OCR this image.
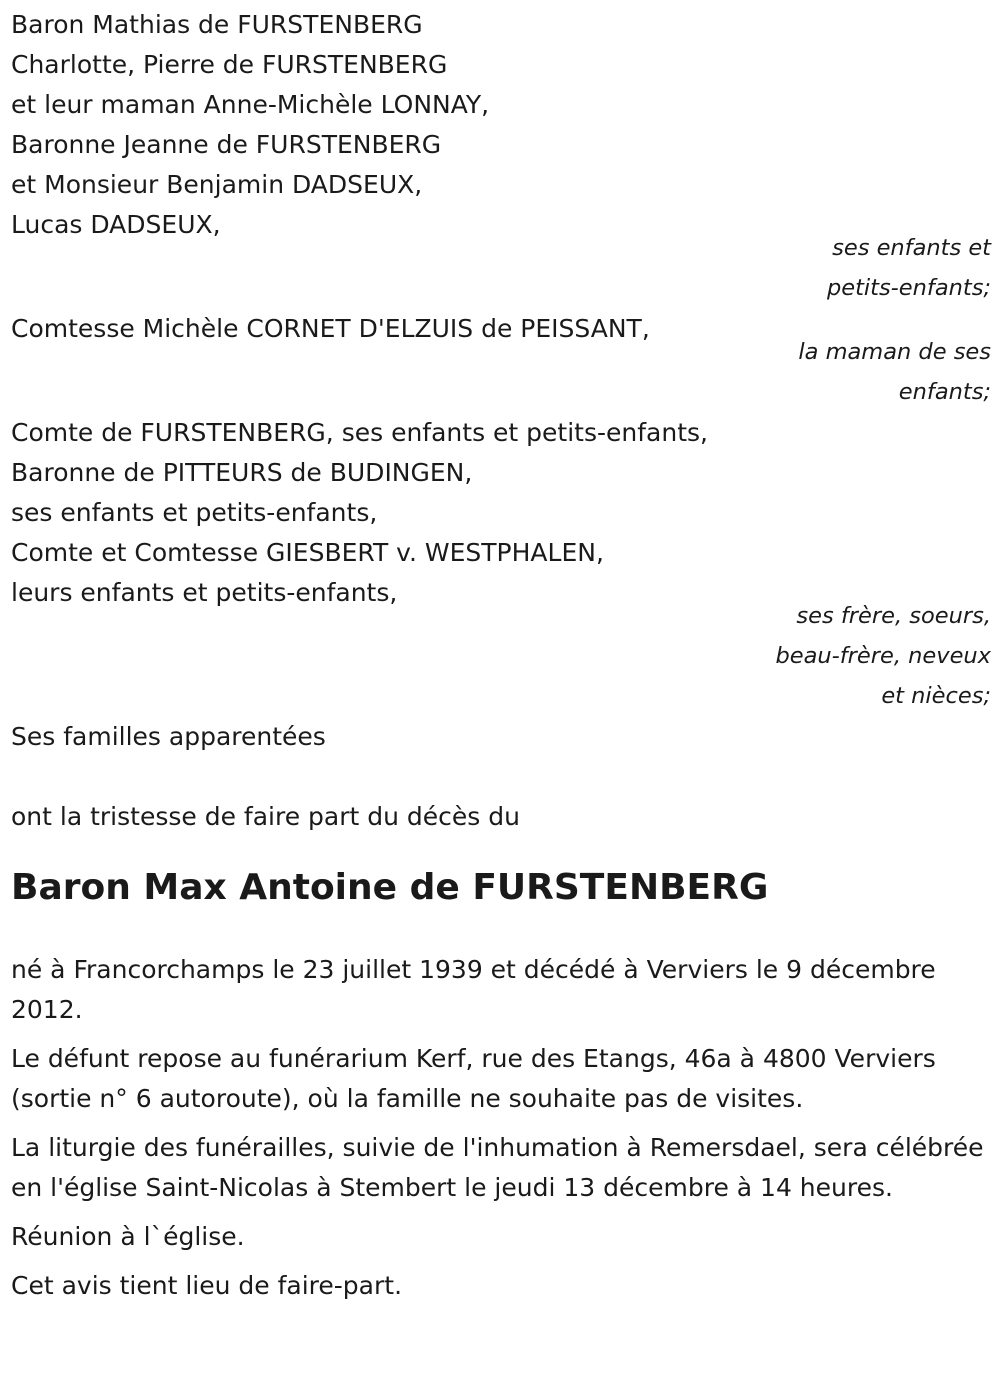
Baron Mathias de FURSTENBERG
Charlotte, Pierre de FURSTENBERG
et leur maman Anne-Michèle LONNAY,
Baronne Jeanne de FURSTENBERG
et Monsieur Benjamin DADSEUX,
Lucas DADSEUX,
ses enfants et
petits-enfants;
Comtesse Michèle CORNET D'ELZUIS de PEISSANT,
la maman de ses
enfants;
Comte de FURSTENBERG, ses enfants et petits-enfants,
Baronne de PITTEURS de BUDINGEN,
ses enfants et petits-enfants,
Comte et Comtesse GIESBERT v. WESTPHALEN,
leurs enfants et petits-enfants,
ses frère, soeurs,
beau-frère, neveux
et nièces;
Ses familles apparentées
ont la tristesse de faire part du décès du
Baron Max Antoine de FURSTENBERG

né à Francorchamps le 23 juillet 1939 et décédé à Verviers le 9 décembre 2012.

Le défunt repose au funérarium Kerf, rue des Etangs, 46a à 4800 Verviers (sortie n° 6 autoroute), où la famille ne souhaite pas de visites.

La liturgie des funérailles, suivie de l'inhumation à Remersdael, sera célébrée en l'église Saint-Nicolas à Stembert le jeudi 13 décembre à 14 heures.

Réunion à l`église.

Cet avis tient lieu de faire-part.
